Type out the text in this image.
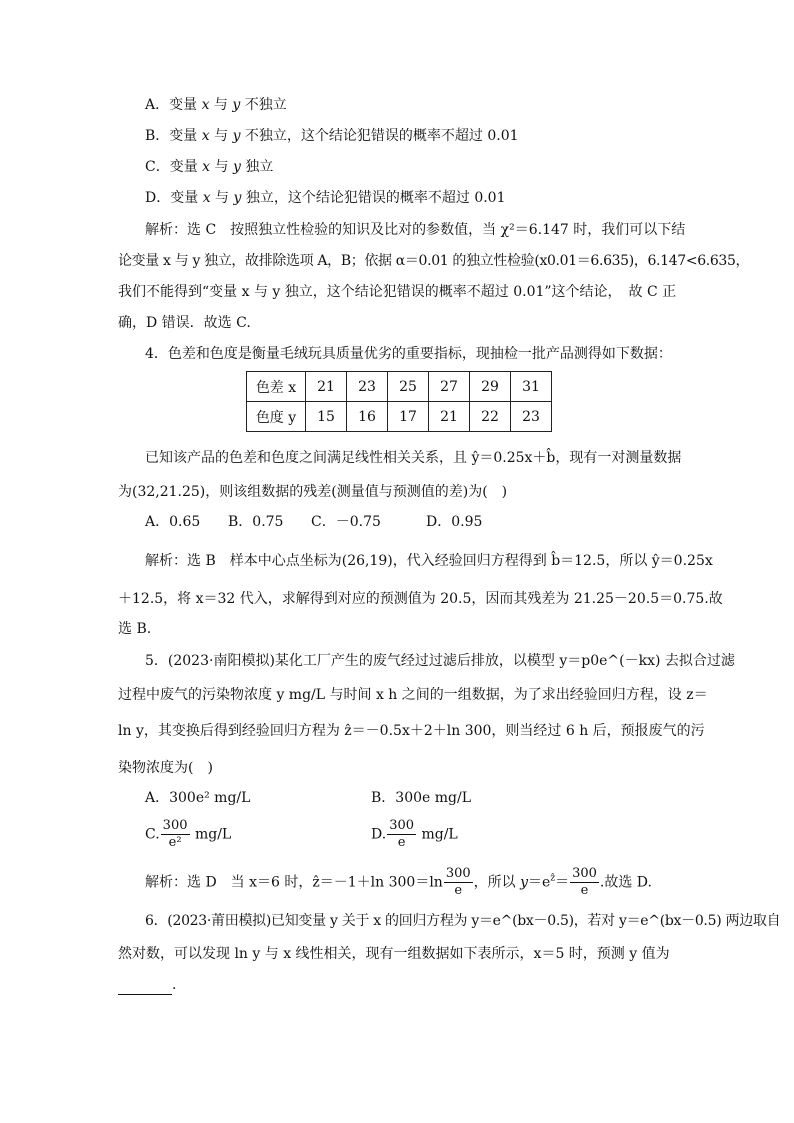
A．变量 x 与 y 不独立
B．变量 x 与 y 不独立，这个结论犯错误的概率不超过 0.01
C．变量 x 与 y 独立
D．变量 x 与 y 独立，这个结论犯错误的概率不超过 0.01
解析：选 C　按照独立性检验的知识及比对的参数值，当 χ²＝6.147 时，我们可以下结
论变量 x 与 y 独立，故排除选项 A，B；依据 α＝0.01 的独立性检验(x0.01＝6.635)，6.147<6.635，
我们不能得到“变量 x 与 y 独立，这个结论犯错误的概率不超过 0.01”这个结论，　故 C 正
确，D 错误．故选 C.
4．色差和色度是衡量毛绒玩具质量优劣的重要指标，现抽检一批产品测得如下数据：
色差 x	21	23	25	27	29	31
色度 y	15	16	17	21	22	23
已知该产品的色差和色度之间满足线性相关关系，且 ŷ＝0.25x＋b̂，现有一对测量数据
为(32,21.25)，则该组数据的残差(测量值与预测值的差)为(　)
A．0.65 B．0.75 C．－0.75	D．0.95
解析：选 B　样本中心点坐标为(26,19)，代入经验回归方程得到 b̂＝12.5，所以 ŷ＝0.25x
＋12.5，将 x＝32 代入，求解得到对应的预测值为 20.5，因而其残差为 21.25－20.5＝0.75.故
选 B.
5．(2023·南阳模拟)某化工厂产生的废气经过过滤后排放，以模型 y＝p0e^(－kx) 去拟合过滤
过程中废气的污染物浓度 y mg/L 与时间 x h 之间的一组数据，为了求出经验回归方程，设 z＝
ln y，其变换后得到经验回归方程为 ẑ＝－0.5x＋2＋ln 300，则当经过 6 h 后，预报废气的污
染物浓度为(　)
A．300e² mg/L	B．300e mg/L
C. $\frac{300}{\text{e²}} mg/L$	D. $\frac{300}{e} mg/L$
解析：选 D　当 x＝6 时，ẑ＝－1＋ln $300=\ln \frac{300}{e}$ ，所以 $y=e^ẑ= \frac{300}{e}$ .故选 D.
6．(2023·莆田模拟)已知变量 y 关于 x 的回归方程为 y＝e^(bx－0.5)，若对 y＝e^(bx－0.5) 两边取自
然对数，可以发现 ln y 与 x 线性相关，现有一组数据如下表所示，x＝5 时，预测 y 值为
.
